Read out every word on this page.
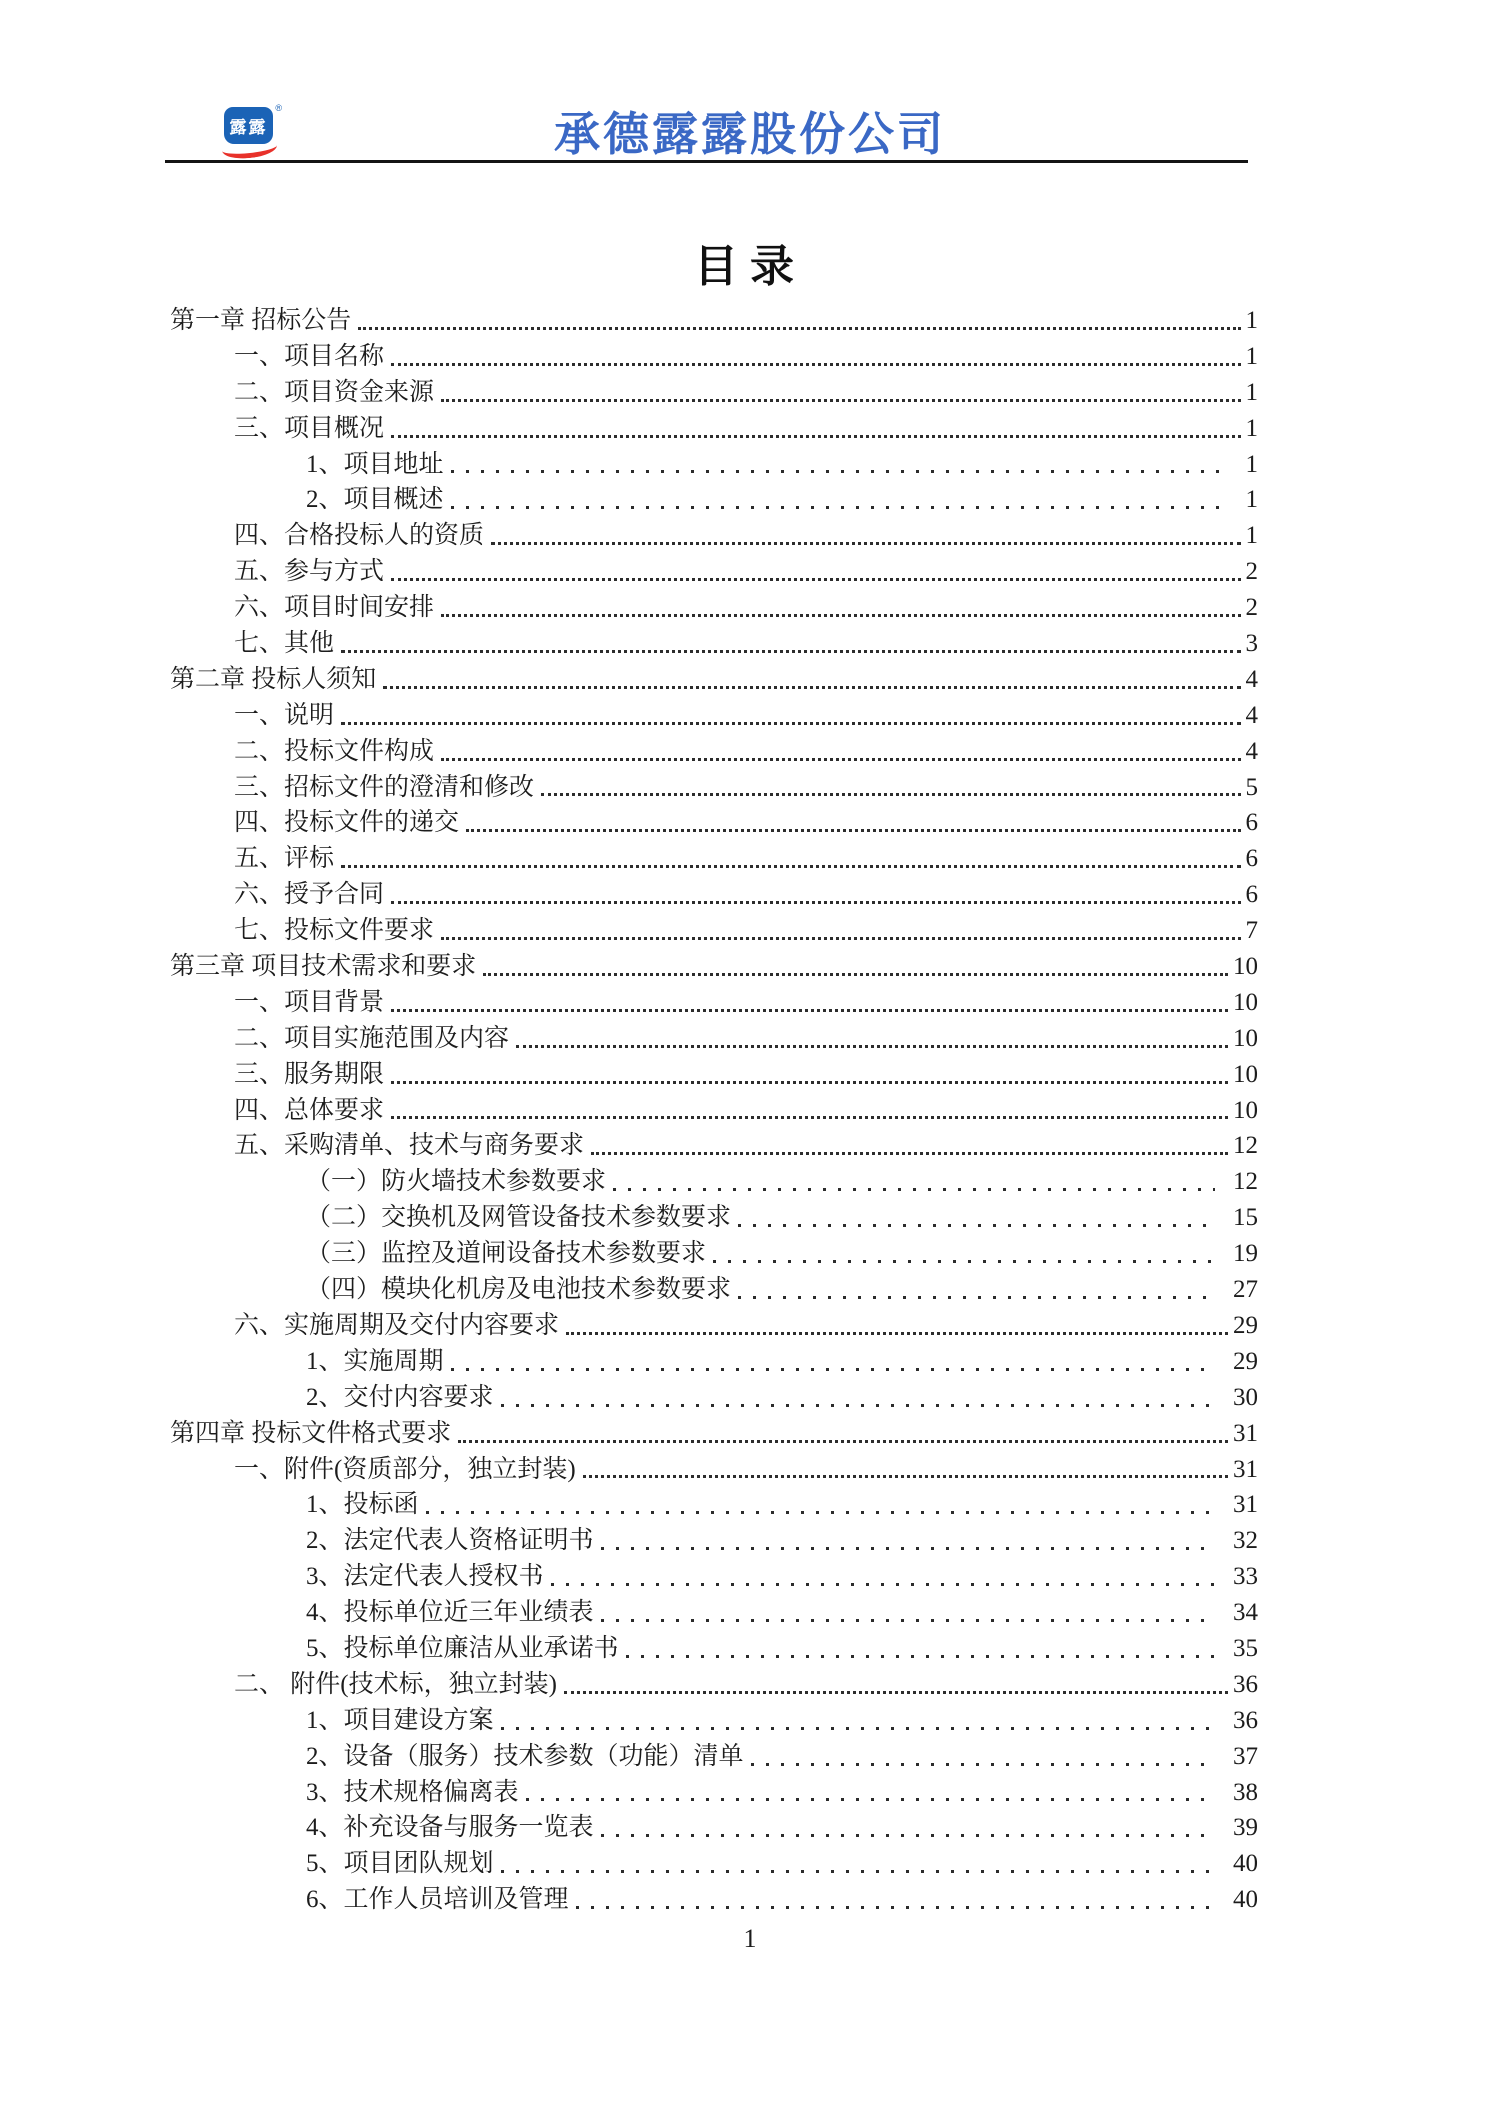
露露
®	承德露露股份公司
目录
第一章 招标公告	1
一、项目名称	1
二、项目资金来源	1
三、项目概况	1
1、项目地址	1
2、项目概述	1
四、合格投标人的资质	1
五、参与方式	2
六、项目时间安排	2
七、其他	3
第二章 投标人须知	4
一、说明	4
二、投标文件构成	4
三、招标文件的澄清和修改	5
四、投标文件的递交	6
五、评标	6
六、授予合同	6
七、投标文件要求	7
第三章 项目技术需求和要求	10
一、项目背景	10
二、项目实施范围及内容	10
三、服务期限	10
四、总体要求	10
五、采购清单、技术与商务要求	12
（一）防火墙技术参数要求	12
（二）交换机及网管设备技术参数要求	15
（三）监控及道闸设备技术参数要求	19
（四）模块化机房及电池技术参数要求	27
六、实施周期及交付内容要求	29
1、实施周期	29
2、交付内容要求	30
第四章 投标文件格式要求	31
一、附件(资质部分，独立封装)	31
1、投标函	31
2、法定代表人资格证明书	32
3、法定代表人授权书	33
4、投标单位近三年业绩表	34
5、投标单位廉洁从业承诺书	35
二、 附件(技术标，独立封装)	36
1、项目建设方案	36
2、设备（服务）技术参数（功能）清单	37
3、技术规格偏离表	38
4、补充设备与服务一览表	39
5、项目团队规划	40
6、工作人员培训及管理	40
1
